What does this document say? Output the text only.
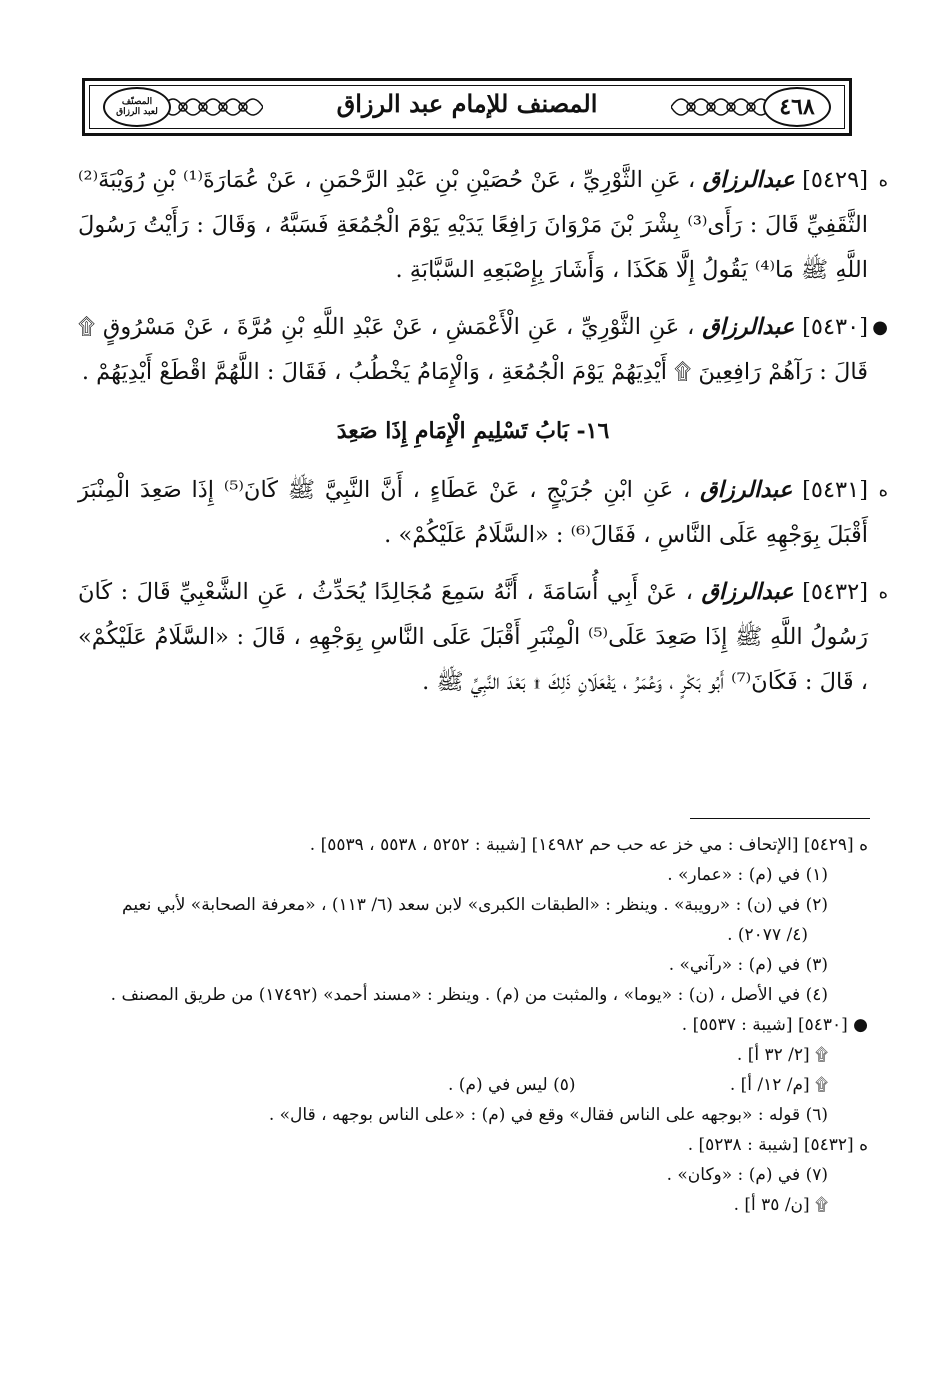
٤٦٨
المصنّف
لعبد الرزاق	المصنف للإمام عبد الرزاق

ه
[٥٤٢٩] عبدالرزاق ، عَنِ الثَّوْرِيِّ ، عَنْ حُصَيْنِ بْنِ عَبْدِ الرَّحْمَنِ ، عَنْ عُمَارَةَ⁽¹⁾ بْنِ رُوَيْبَةَ⁽²⁾ الثَّقَفِيِّ قَالَ : رَأَى⁽³⁾ بِشْرَ بْنَ مَرْوَانَ رَافِعًا يَدَيْهِ يَوْمَ الْجُمُعَةِ فَسَبَّهُ ، وَقَالَ : رَأَيْتُ رَسُولَ اللَّهِ ﷺ مَا⁽⁴⁾ يَقُولُ إِلَّا هَكَذَا ، وَأَشَارَ بِإِصْبَعِهِ السَّبَّابَةِ .

●
[٥٤٣٠] عبدالرزاق ، عَنِ الثَّوْرِيِّ ، عَنِ الْأَعْمَشِ ، عَنْ عَبْدِ اللَّهِ بْنِ مُرَّةَ ، عَنْ مَسْرُوقٍ ۩ قَالَ : رَآهُمْ رَافِعِينَ ۩ أَيْدِيَهُمْ يَوْمَ الْجُمُعَةِ ، وَالْإِمَامُ يَخْطُبُ ، فَقَالَ : اللَّهُمَّ اقْطَعْ أَيْدِيَهُمْ .

١٦- بَابُ تَسْلِيمِ الْإِمَامِ إِذَا صَعِدَ

ه
[٥٤٣١] عبدالرزاق ، عَنِ ابْنِ جُرَيْجٍ ، عَنْ عَطَاءٍ ، أَنَّ النَّبِيَّ ﷺ كَانَ⁽⁵⁾ إِذَا صَعِدَ الْمِنْبَرَ أَقْبَلَ بِوَجْهِهِ عَلَى النَّاسِ ، فَقَالَ⁽⁶⁾ : «السَّلَامُ عَلَيْكُمْ» .

ه
[٥٤٣٢] عبدالرزاق ، عَنْ أَبِي أُسَامَةَ ، أَنَّهُ سَمِعَ مُجَالِدًا يُحَدِّثُ ، عَنِ الشَّعْبِيِّ قَالَ : كَانَ رَسُولُ اللَّهِ ﷺ إِذَا صَعِدَ عَلَى⁽⁵⁾ الْمِنْبَرِ أَقْبَلَ عَلَى النَّاسِ بِوَجْهِهِ ، قَالَ : «السَّلَامُ عَلَيْكُمْ» ، قَالَ : فَكَانَ⁽⁷⁾ أَبُو بَكْرٍ ، وَعُمَرُ ، يَفْعَلَانِ ذَلِكَ ۩ بَعْدَ النَّبِيِّ ﷺ .

ه [٥٤٢٩] [الإتحاف : مي خز عه حب حم ١٤٩٨٢] [شيبة : ٥٢٥٢ ، ٥٥٣٨ ، ٥٥٣٩] .

(١) في (م) : «عمار» .

(٢) في (ن) : «رويبة» . وينظر : «الطبقات الكبرى» لابن سعد (٦/ ١١٣) ، «معرفة الصحابة» لأبي نعيم

(٤/ ٢٠٧٧) .

(٣) في (م) : «رآني» .

(٤) في الأصل ، (ن) : «يوما» ، والمثبت من (م) . وينظر : «مسند أحمد» (١٧٤٩٢) من طريق المصنف .

● [٥٤٣٠] [شيبة : ٥٥٣٧] .

۩ [٢/ ٣٢ أ] .

۩ [م/ ١٢/ أ] .
(٥) ليس في (م) .

(٦) قوله : «بوجهه على الناس فقال» وقع في (م) : «على الناس بوجهه ، قال» .

ه [٥٤٣٢] [شيبة : ٥٢٣٨] .

(٧) في (م) : «وكان» .

۩ [ن/ ٣٥ أ] .
